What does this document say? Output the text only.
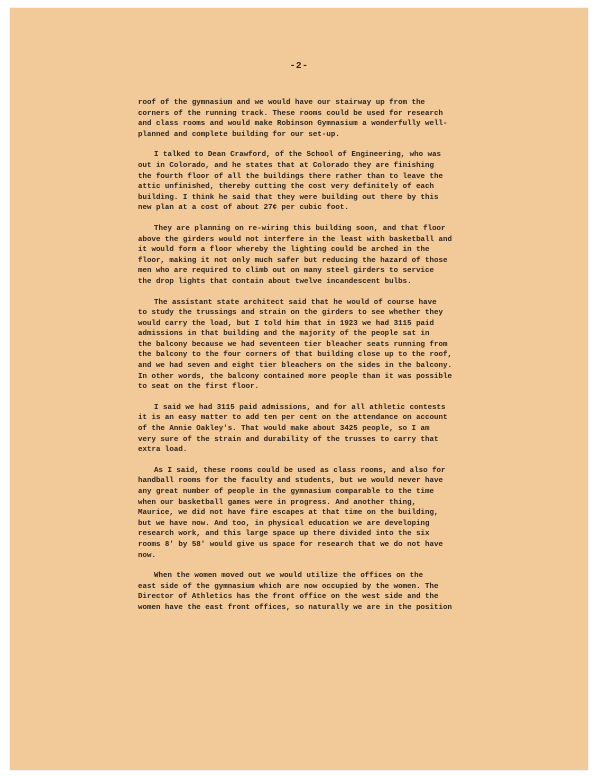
-2-
roof of the gymnasium and we would have our stairway up from the
corners of the running track. These rooms could be used for research
and class rooms and would make Robinson Gymnasium a wonderfully well-
planned and complete building for our set-up.
I talked to Dean Crawford, of the School of Engineering, who was
out in Colorado, and he states that at Colorado they are finishing
the fourth floor of all the buildings there rather than to leave the
attic unfinished, thereby cutting the cost very definitely of each
building. I think he said that they were building out there by this
new plan at a cost of about 27¢ per cubic foot.
They are planning on re-wiring this building soon, and that floor
above the girders would not interfere in the least with basketball and
it would form a floor whereby the lighting could be arched in the
floor, making it not only much safer but reducing the hazard of those
men who are required to climb out on many steel girders to service
the drop lights that contain about twelve incandescent bulbs.
The assistant state architect said that he would of course have
to study the trussings and strain on the girders to see whether they
would carry the load, but I told him that in 1923 we had 3115 paid
admissions in that building and the majority of the people sat in
the balcony because we had seventeen tier bleacher seats running from
the balcony to the four corners of that building close up to the roof,
and we had seven and eight tier bleachers on the sides in the balcony.
In other words, the balcony contained more people than it was possible
to seat on the first floor.
I said we had 3115 paid admissions, and for all athletic contests
it is an easy matter to add ten per cent on the attendance on account
of the Annie Oakley's. That would make about 3425 people, so I am
very sure of the strain and durability of the trusses to carry that
extra load.
As I said, these rooms could be used as class rooms, and also for
handball rooms for the faculty and students, but we would never have
any great number of people in the gymnasium comparable to the time
when our basketball games were in progress. And another thing,
Maurice, we did not have fire escapes at that time on the building,
but we have now. And too, in physical education we are developing
research work, and this large space up there divided into the six
rooms 8' by 58' would give us space for research that we do not have
now.
When the women moved out we would utilize the offices on the
east side of the gymnasium which are now occupied by the women. The
Director of Athletics has the front office on the west side and the
women have the east front offices, so naturally we are in the position
